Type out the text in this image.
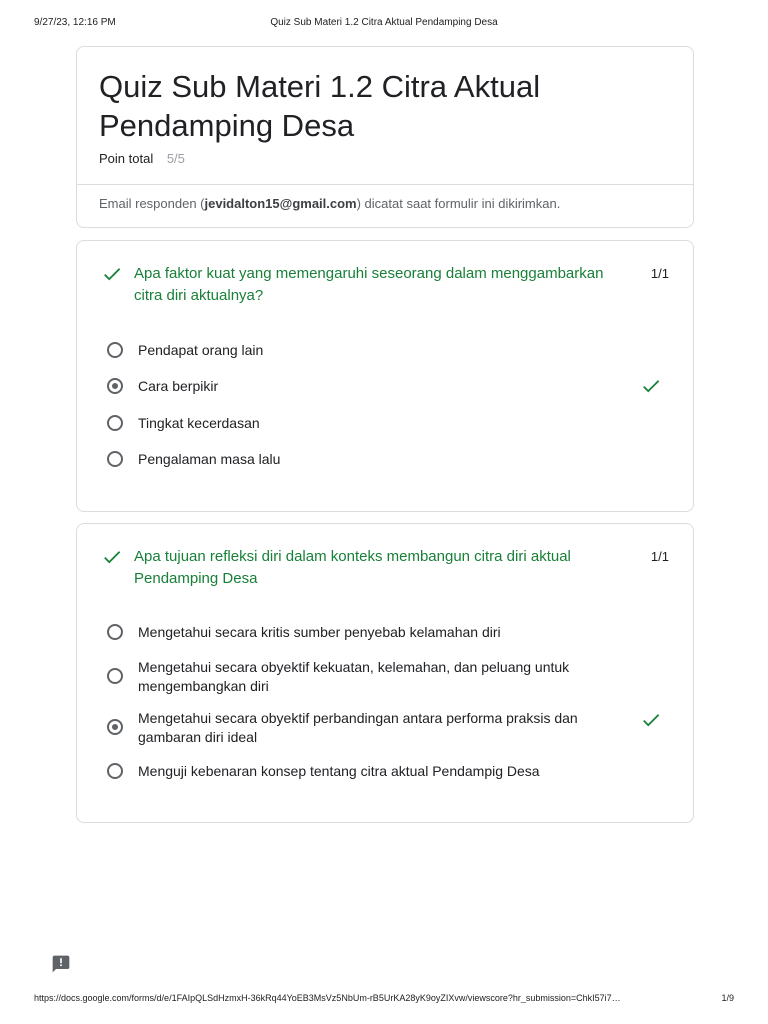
9/27/23, 12:16 PM	Quiz Sub Materi 1.2 Citra Aktual Pendamping Desa
Quiz Sub Materi 1.2 Citra Aktual Pendamping Desa
Poin total 5/5
Email responden (jevidalton15@gmail.com) dicatat saat formulir ini dikirimkan.
Apa faktor kuat yang memengaruhi seseorang dalam menggambarkan citra diri aktualnya?
1/1
Pendapat orang lain
Cara berpikir
Tingkat kecerdasan
Pengalaman masa lalu
Apa tujuan refleksi diri dalam konteks membangun citra diri aktual Pendamping Desa
1/1
Mengetahui secara kritis sumber penyebab kelamahan diri
Mengetahui secara obyektif kekuatan, kelemahan, dan peluang untuk mengembangkan diri
Mengetahui secara obyektif perbandingan antara performa praksis dan gambaran diri ideal
Menguji kebenaran konsep tentang citra aktual Pendampig Desa
https://docs.google.com/forms/d/e/1FAIpQLSdHzmxH-36kRq44YoEB3MsVz5NbUm-rB5UrKA28yK9oyZIXvw/viewscore?hr_submission=ChkI57i7…	1/9
